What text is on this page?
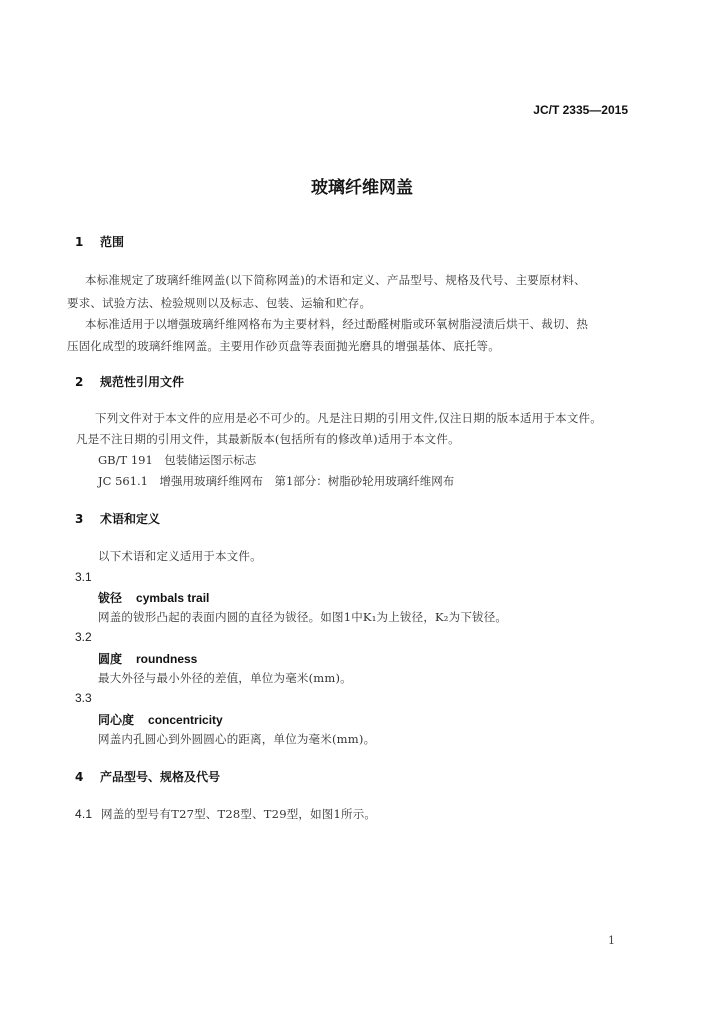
JC/T 2335—2015
玻璃纤维网盖
1 范围
本标准规定了玻璃纤维网盖(以下简称网盖)的术语和定义、产品型号、规格及代号、主要原材料、
要求、试验方法、检验规则以及标志、包装、运输和贮存。
本标准适用于以增强玻璃纤维网格布为主要材料，经过酚醛树脂或环氧树脂浸渍后烘干、裁切、热
压固化成型的玻璃纤维网盖。主要用作砂页盘等表面抛光磨具的增强基体、底托等。
2 规范性引用文件
下列文件对于本文件的应用是必不可少的。凡是注日期的引用文件,仅注日期的版本适用于本文件。
凡是不注日期的引用文件，其最新版本(包括所有的修改单)适用于本文件。
GB/T 191　包装储运图示标志
JC 561.1　增强用玻璃纤维网布　第1部分：树脂砂轮用玻璃纤维网布
3 术语和定义
以下术语和定义适用于本文件。
3.1
钹径 cymbals trail
网盖的钹形凸起的表面内圆的直径为钹径。如图1中K₁为上钹径，K₂为下钹径。
3.2
圆度 roundness
最大外径与最小外径的差值，单位为毫米(mm)。
3.3
同心度 concentricity
网盖内孔圆心到外圆圆心的距离，单位为毫米(mm)。
4 产品型号、规格及代号
4.1 网盖的型号有T27型、T28型、T29型，如图1所示。
1
